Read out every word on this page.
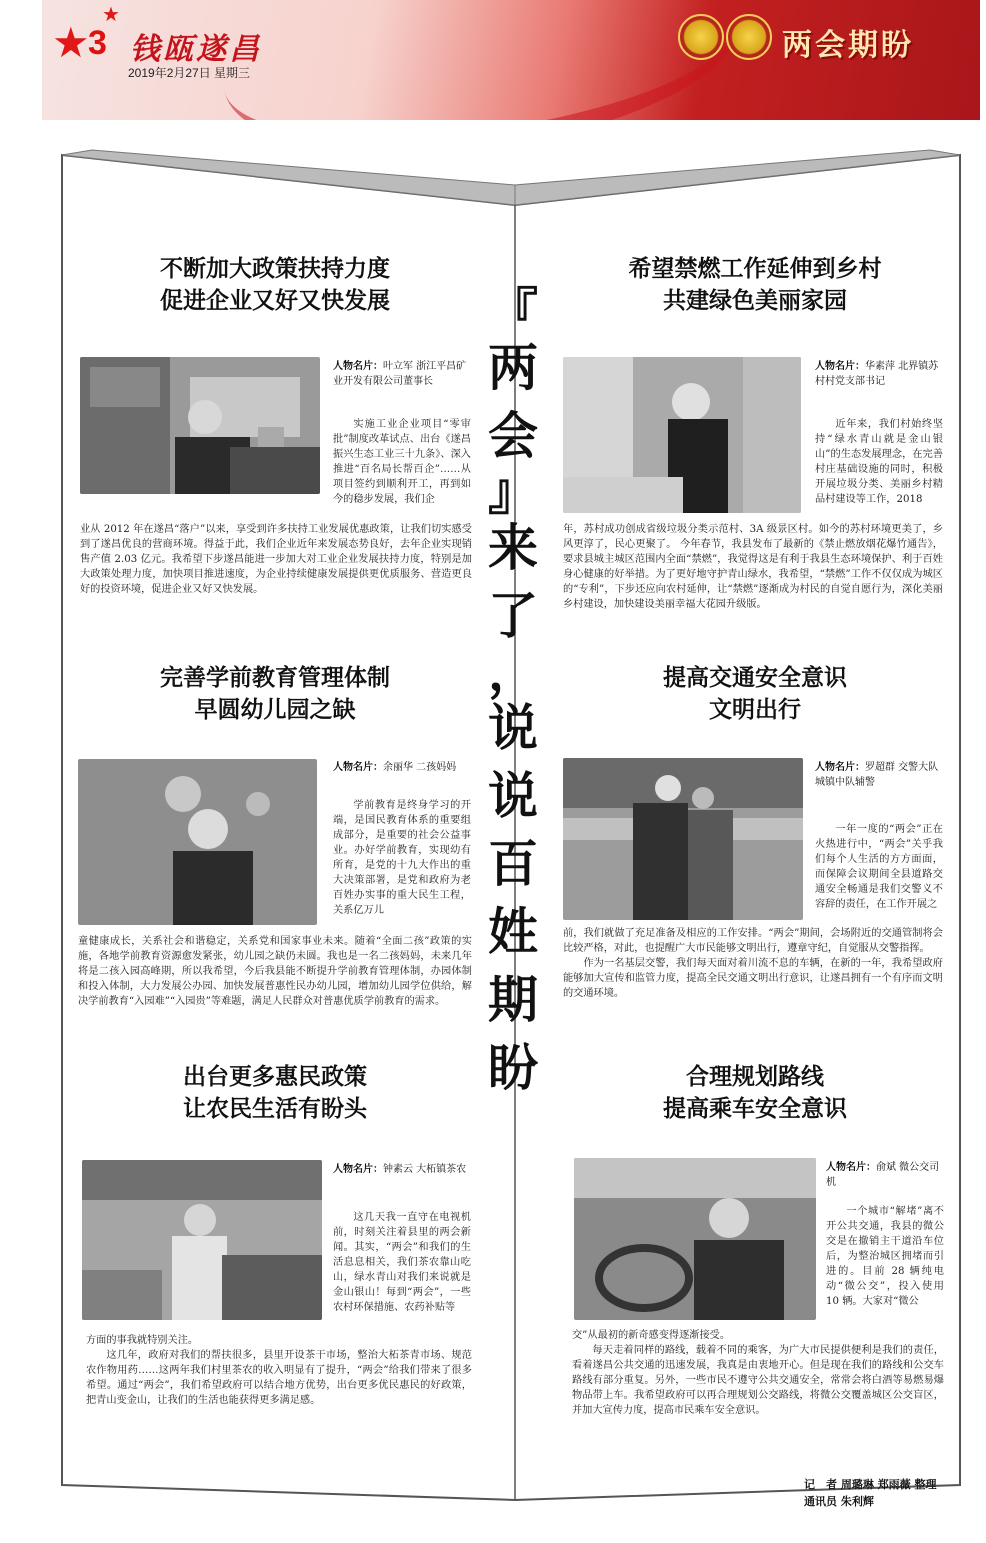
★
★
3 钱瓯遂昌
2019年2月27日 星期三
两会期盼
『
两
会
』
来
了
，
说
说
百
姓
期
盼
不断加大政策扶持力度
促进企业又好又快发展
人物名片：叶立军 浙江平昌矿业开发有限公司董事长
实施工业企业项目“零审批”制度改革试点、出台《遂昌振兴生态工业三十九条》、深入推进“百名局长帮百企”……从项目签约到顺利开工，再到如今的稳步发展，我们企

业从 2012 年在遂昌“落户”以来，享受到许多扶持工业发展优惠政策，让我们切实感受到了遂昌优良的营商环境。得益于此，我们企业近年来发展态势良好，去年企业实现销售产值 2.03 亿元。我希望下步遂昌能进一步加大对工业企业发展扶持力度，特别是加大政策处理力度，加快项目推进速度，为企业持续健康发展提供更优质服务、营造更良好的投资环境，促进企业又好又快发展。

希望禁燃工作延伸到乡村
共建绿色美丽家园
人物名片：华素萍 北界镇苏村村党支部书记
近年来，我们村始终坚持“绿水青山就是金山银山”的生态发展理念，在完善村庄基础设施的同时，积极开展垃圾分类、美丽乡村精品村建设等工作，2018

年，苏村成功创成省级垃圾分类示范村、3A 级景区村。如今的苏村环境更美了，乡风更淳了，民心更聚了。 今年春节，我县发布了最新的《禁止燃放烟花爆竹通告》，要求县城主城区范围内全面“禁燃”，我觉得这是有利于我县生态环境保护、利于百姓身心健康的好举措。为了更好地守护青山绿水，我希望，“禁燃”工作不仅仅成为城区的“专利”，下步还应向农村延伸，让“禁燃”逐渐成为村民的自觉自愿行为，深化美丽乡村建设，加快建设美丽幸福大花园升级版。

完善学前教育管理体制
早圆幼儿园之缺
人物名片：余丽华 二孩妈妈
学前教育是终身学习的开端，是国民教育体系的重要组成部分，是重要的社会公益事业。办好学前教育，实现幼有所育，是党的十九大作出的重大决策部署，是党和政府为老百姓办实事的重大民生工程，关系亿万儿

童健康成长，关系社会和谐稳定，关系党和国家事业未来。随着“全面二孩”政策的实施，各地学前教育资源愈发紧张，幼儿园之缺仍未圆。我也是一名二孩妈妈，未来几年将是二孩入园高峰期，所以我希望，今后我县能不断提升学前教育管理体制，办园体制和投入体制，大力发展公办园、加快发展普惠性民办幼儿园，增加幼儿园学位供给，解决学前教育“入园难”“入园贵”等难题，满足人民群众对普惠优质学前教育的需求。

提高交通安全意识
文明出行
人物名片：罗超群 交警大队城镇中队辅警
一年一度的“两会”正在火热进行中，“两会”关乎我们每个人生活的方方面面，而保障会议期间全县道路交通安全畅通是我们交警义不容辞的责任，在工作开展之

前，我们就做了充足准备及相应的工作安排。“两会”期间，会场附近的交通管制将会比较严格，对此，也提醒广大市民能够文明出行，遵章守纪，自觉服从交警指挥。

作为一名基层交警，我们每天面对着川流不息的车辆，在新的一年，我希望政府能够加大宣传和监管力度，提高全民交通文明出行意识，让遂昌拥有一个有序而文明的交通环境。

出台更多惠民政策
让农民生活有盼头
人物名片：钟素云 大柘镇茶农
这几天我一直守在电视机前，时刻关注着县里的两会新闻。其实，“两会”和我们的生活息息相关，我们茶农靠山吃山，绿水青山对我们来说就是金山银山！每到“两会”，一些农村环保措施、农药补贴等

方面的事我就特别关注。

这几年，政府对我们的帮扶很多，县里开设茶干市场，整治大柘茶青市场、规范农作物用药……这两年我们村里茶农的收入明显有了提升，“两会”给我们带来了很多希望。通过“两会”，我们希望政府可以结合地方优势，出台更多优民惠民的好政策，把青山变金山，让我们的生活也能获得更多满足感。

合理规划路线
提高乘车安全意识
人物名片：俞斌 微公交司机
一个城市“解堵”离不开公共交通，我县的微公交是在撤销主干道沿车位后，为整治城区拥堵而引进的。目前 28 辆纯电动“微公交”，投入使用 10 辆。大家对“微公

交”从最初的新奇感变得逐渐接受。

每天走着同样的路线，载着不同的乘客，为广大市民提供便利是我们的责任，看着遂昌公共交通的迅速发展，我真是由衷地开心。但是现在我们的路线和公交车路线有部分重复。另外，一些市民不遵守公共交通安全，常常会将白酒等易燃易爆物品带上车。我希望政府可以再合理规划公交路线，将微公交覆盖城区公交盲区，并加大宣传力度，提高市民乘车安全意识。

记　者 周璐琳 郑雨薇 整理
通讯员 朱利辉
